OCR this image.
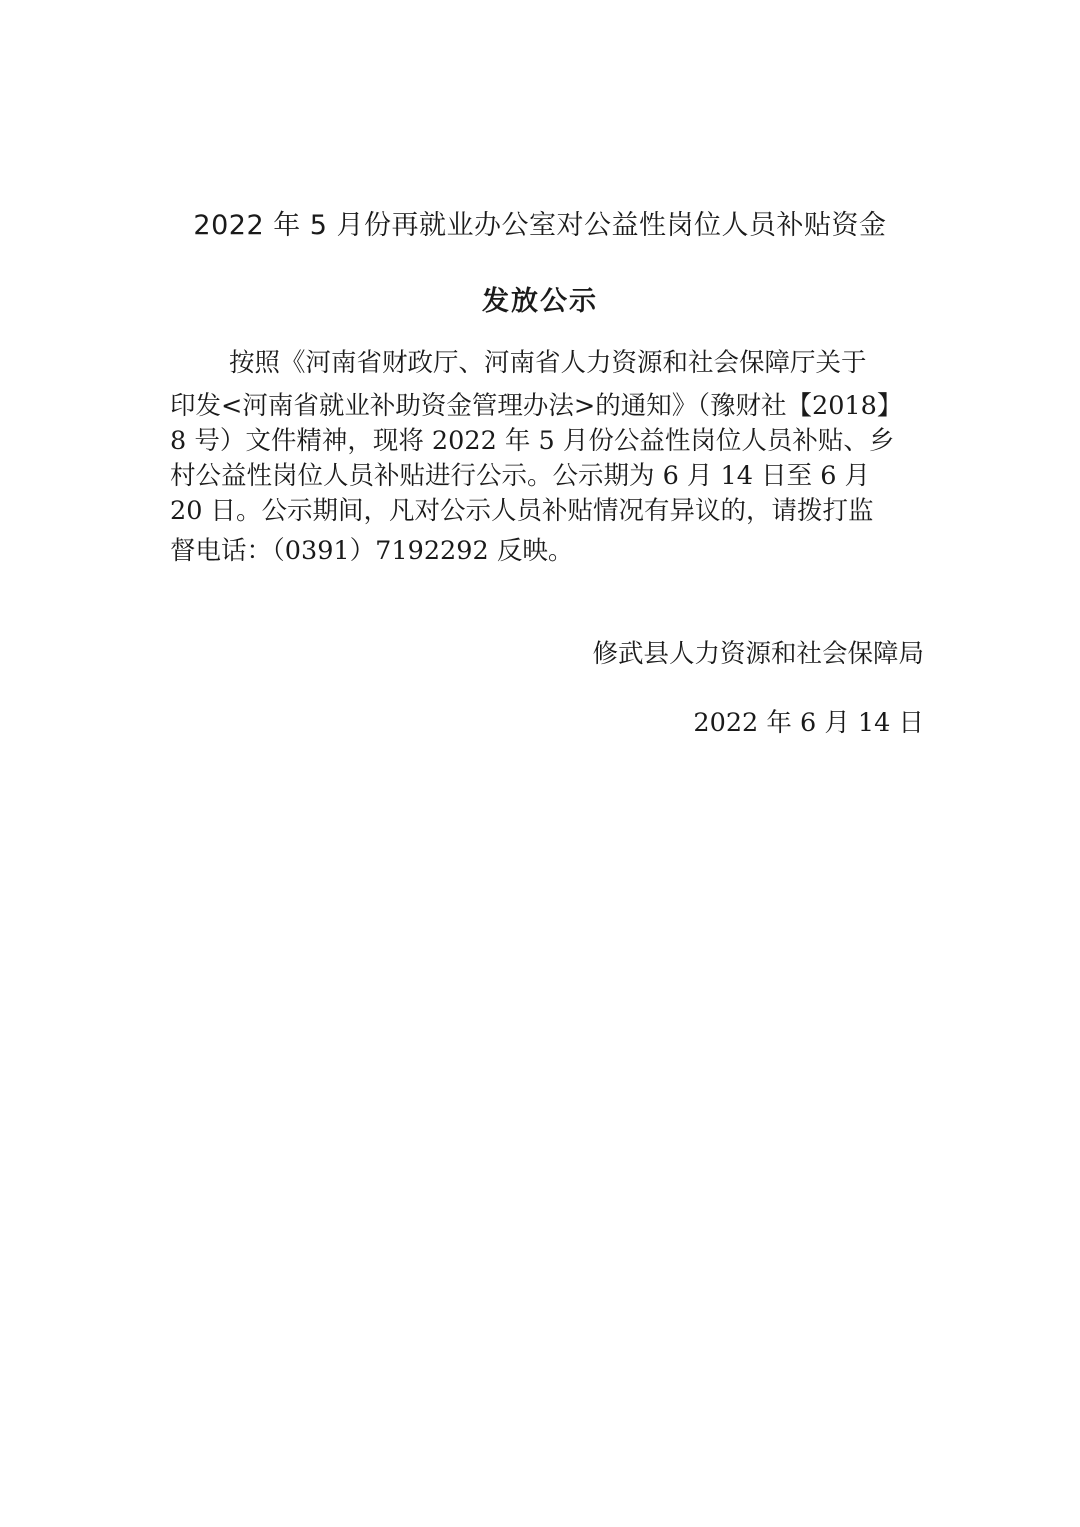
2022 年 5 月份再就业办公室对公益性岗位人员补贴资金
发放公示
按照《河南省财政厅、河南省人力资源和社会保障厅关于
印发<河南省就业补助资金管理办法>的通知》（豫财社【2018】
8 号）文件精神，现将 2022 年 5 月份公益性岗位人员补贴、乡
村公益性岗位人员补贴进行公示。公示期为 6 月 14 日至 6 月
20 日。公示期间，凡对公示人员补贴情况有异议的，请拨打监
督电话：（0391）7192292 反映。
修武县人力资源和社会保障局
2022 年 6 月 14 日
